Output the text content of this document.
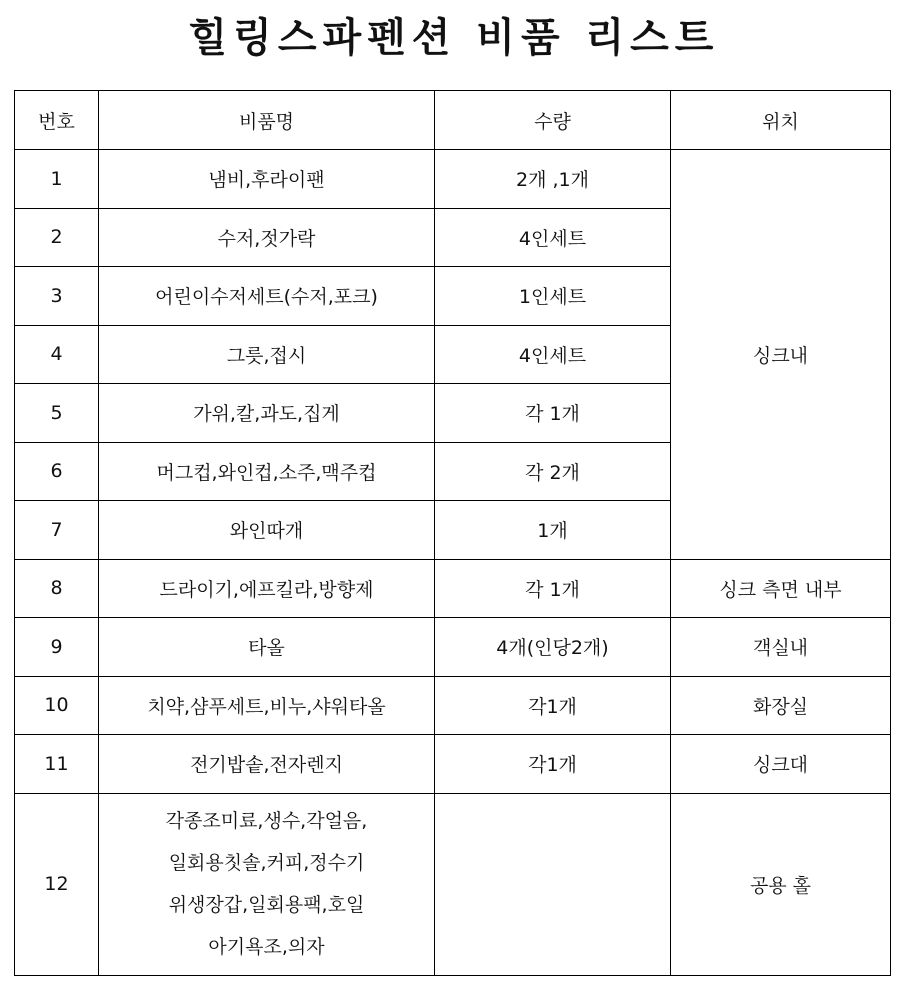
힐링스파펜션 비품 리스트
번호	비품명	수량	위치
1	냄비,후라이팬	2개 ,1개	싱크내
2	수저,젓가락	4인세트	
3	어린이수저세트(수저,포크)	1인세트	
4	그릇,접시	4인세트	
5	가위,칼,과도,집게	각 1개	
6	머그컵,와인컵,소주,맥주컵	각 2개	
7	와인따개	1개	
8	드라이기,에프킬라,방향제	각 1개	싱크 측면 내부
9	타올	4개(인당2개)	객실내
10	치약,샴푸세트,비누,샤워타올	각1개	화장실
11	전기밥솥,전자렌지	각1개	싱크대
12	각종조미료,생수,각얼음,
일회용칫솔,커피,정수기
위생장갑,일회용팩,호일
아기욕조,의자		공용 홀
